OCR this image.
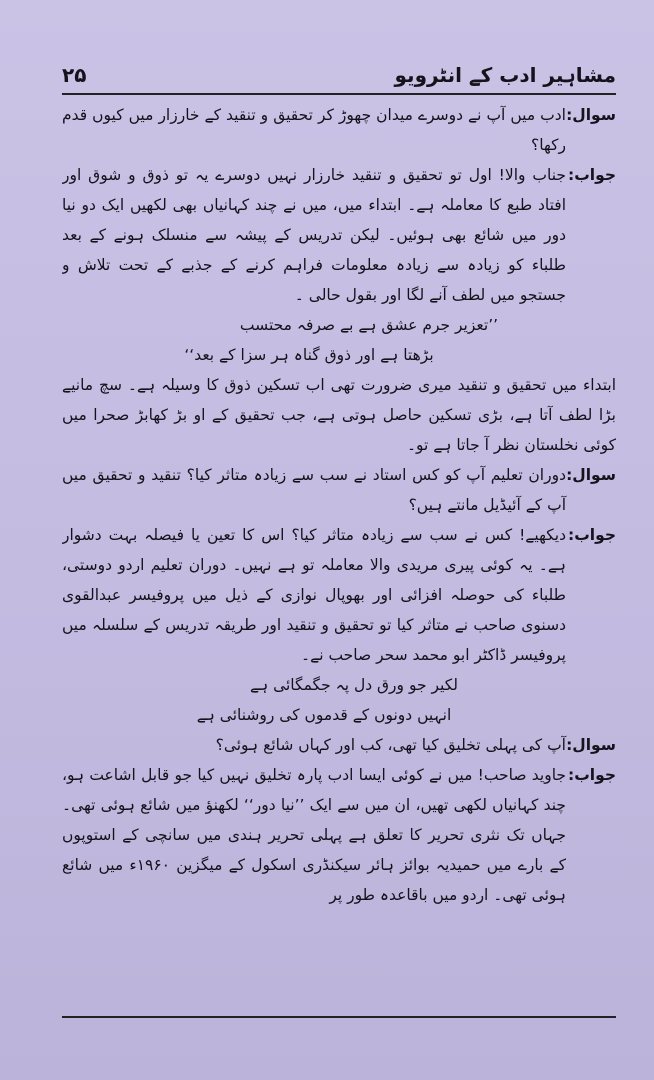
مشاہیر ادب کے انٹرویو
۲۵
سوال:
ادب میں آپ نے دوسرے میدان چھوڑ کر تحقیق و تنقید کے خارزار میں کیوں قدم رکھا؟
جواب:
جناب والا! اول تو تحقیق و تنقید خارزار نہیں دوسرے یہ تو ذوق و شوق اور افتاد طبع کا معاملہ ہے۔ ابتداء میں، میں نے چند کہانیاں بھی لکھیں ایک دو نیا دور میں شائع بھی ہوئیں۔ لیکن تدریس کے پیشہ سے منسلک ہونے کے بعد طلباء کو زیادہ سے زیادہ معلومات فراہم کرنے کے جذبے کے تحت تلاش و جستجو میں لطف آنے لگا اور بقول حالی ۔
’’تعزیر جرم عشق ہے بے صرفہ محتسب
بڑھتا ہے اور ذوق گناہ ہر سزا کے بعد‘‘
ابتداء میں تحقیق و تنقید میری ضرورت تھی اب تسکین ذوق کا وسیلہ ہے۔ سچ مانیے بڑا لطف آتا ہے، بڑی تسکین حاصل ہوتی ہے، جب تحقیق کے او بڑ کھابڑ صحرا میں کوئی نخلستان نظر آ جاتا ہے تو۔
سوال:
دوران تعلیم آپ کو کس استاد نے سب سے زیادہ متاثر کیا؟ تنقید و تحقیق میں آپ کے آئیڈیل مانتے ہیں؟
جواب:
دیکھیے! کس نے سب سے زیادہ متاثر کیا؟ اس کا تعین یا فیصلہ بہت دشوار ہے۔ یہ کوئی پیری مریدی والا معاملہ تو ہے نہیں۔ دوران تعلیم اردو دوستی، طلباء کی حوصلہ افزائی اور بھوپال نوازی کے ذیل میں پروفیسر عبدالقوی دسنوی صاحب نے متاثر کیا تو تحقیق و تنقید اور طریقہ تدریس کے سلسلہ میں پروفیسر ڈاکٹر ابو محمد سحر صاحب نے۔
لکیر جو ورق دل پہ جگمگائی ہے
انہیں دونوں کے قدموں کی روشنائی ہے
سوال:
آپ کی پہلی تخلیق کیا تھی، کب اور کہاں شائع ہوئی؟
جواب:
جاوید صاحب! میں نے کوئی ایسا ادب پارہ تخلیق نہیں کیا جو قابل اشاعت ہو، چند کہانیاں لکھی تھیں، ان میں سے ایک ’’نیا دور‘‘ لکھنؤ میں شائع ہوئی تھی۔ جہاں تک نثری تحریر کا تعلق ہے پہلی تحریر ہندی میں سانچی کے استوپوں کے بارے میں حمیدیہ بوائز ہائر سیکنڈری اسکول کے میگزین ۱۹۶۰ء میں شائع ہوئی تھی۔ اردو میں باقاعدہ طور پر
